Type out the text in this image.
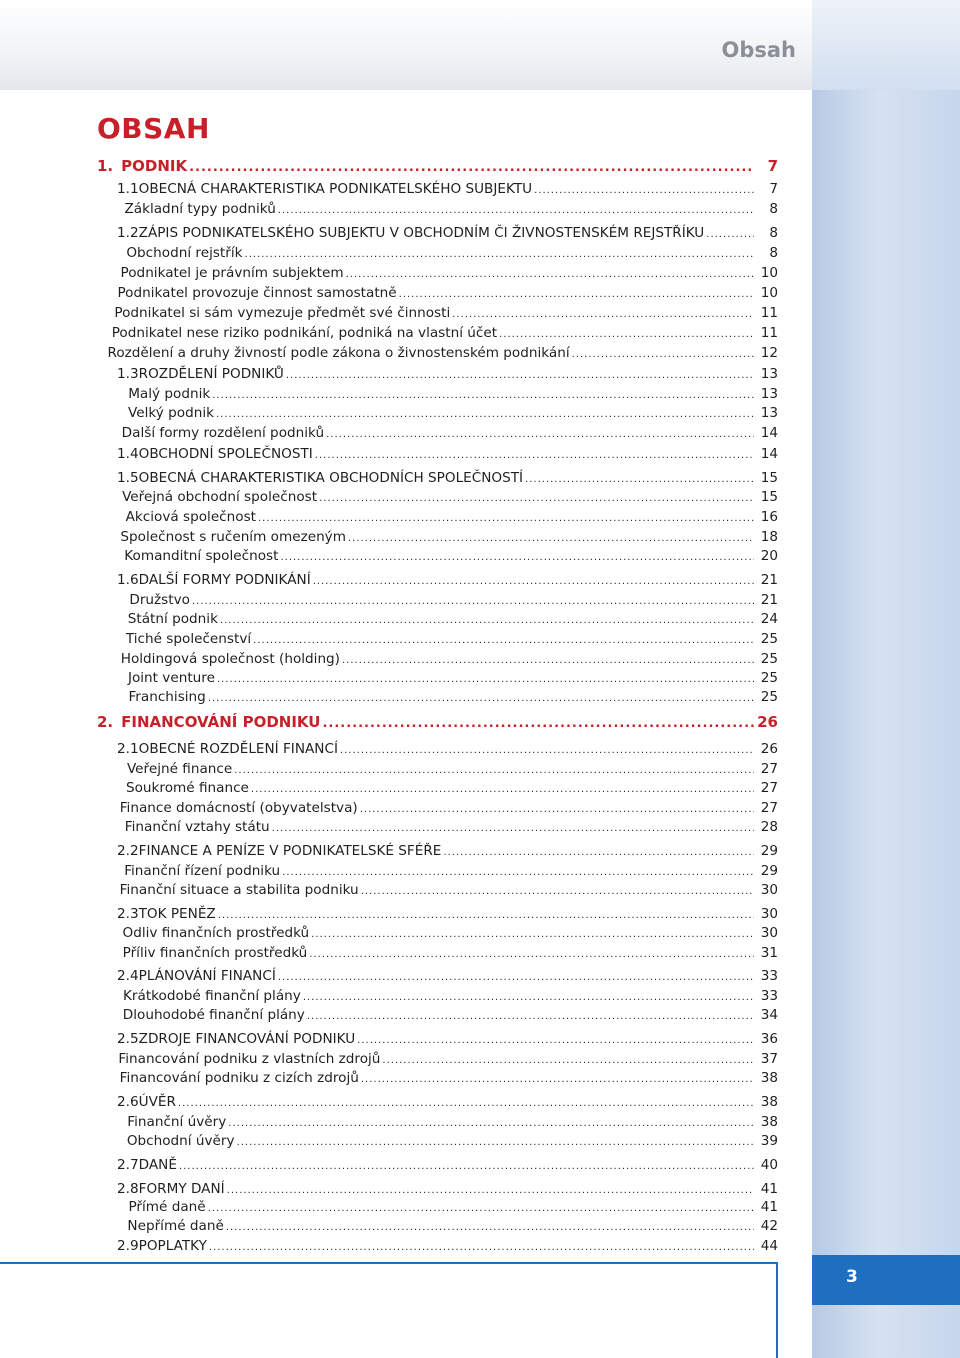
3
Obsah
OBSAH
1. PODNIK .....	7
1.1 OBECNÁ CHARAKTERISTIKA PODNIKATELSKÉHO SUBJEKTU .....	7
Základní typy podniků .....	8
1.2 ZÁPIS PODNIKATELSKÉHO SUBJEKTU V OBCHODNÍM ČI ŽIVNOSTENSKÉM REJSTŘÍKU .....	8
Obchodní rejstřík .....	8
Podnikatel je právním subjektem .....	10
Podnikatel provozuje činnost samostatně .....	10
Podnikatel si sám vymezuje předmět své činnosti .....	11
Podnikatel nese riziko podnikání, podniká na vlastní účet .....	11
Rozdělení a druhy živností podle zákona o živnostenském podnikání .....	12
1.3 ROZDĚLENÍ PODNIKŮ .....	13
Malý podnik .....	13
Velký podnik .....	13
Další formy rozdělení podniků .....	14
1.4 OBCHODNÍ SPOLEČNOSTI .....	14
1.5 OBECNÁ CHARAKTERISTIKA OBCHODNÍCH SPOLEČNOSTÍ .....	15
Veřejná obchodní společnost .....	15
Akciová společnost .....	16
Společnost s ručením omezeným .....	18
Komanditní společnost .....	20
1.6 DALŠÍ FORMY PODNIKÁNÍ .....	21
Družstvo .....	21
Státní podnik .....	24
Tiché společenství .....	25
Holdingová společnost (holding) .....	25
Joint venture .....	25
Franchising .....	25
2. FINANCOVÁNÍ PODNIKU .....	26
2.1 OBECNÉ ROZDĚLENÍ FINANCÍ .....	26
Veřejné finance .....	27
Soukromé finance .....	27
Finance domácností (obyvatelstva) .....	27
Finanční vztahy státu .....	28
2.2 FINANCE A PENÍZE V PODNIKATELSKÉ SFÉŘE .....	29
Finanční řízení podniku .....	29
Finanční situace a stabilita podniku .....	30
2.3 TOK PENĚZ .....	30
Odliv finančních prostředků .....	30
Příliv finančních prostředků .....	31
2.4 PLÁNOVÁNÍ FINANCÍ .....	33
Krátkodobé finanční plány .....	33
Dlouhodobé finanční plány .....	34
2.5 ZDROJE FINANCOVÁNÍ PODNIKU .....	36
Financování podniku z vlastních zdrojů .....	37
Financování podniku z cizích zdrojů .....	38
2.6 ÚVĚR .....	38
Finanční úvěry .....	38
Obchodní úvěry .....	39
2.7 DANĚ .....	40
2.8 FORMY DANÍ .....	41
Přímé daně .....	41
Nepřímé daně .....	42
2.9 POPLATKY .....	44
